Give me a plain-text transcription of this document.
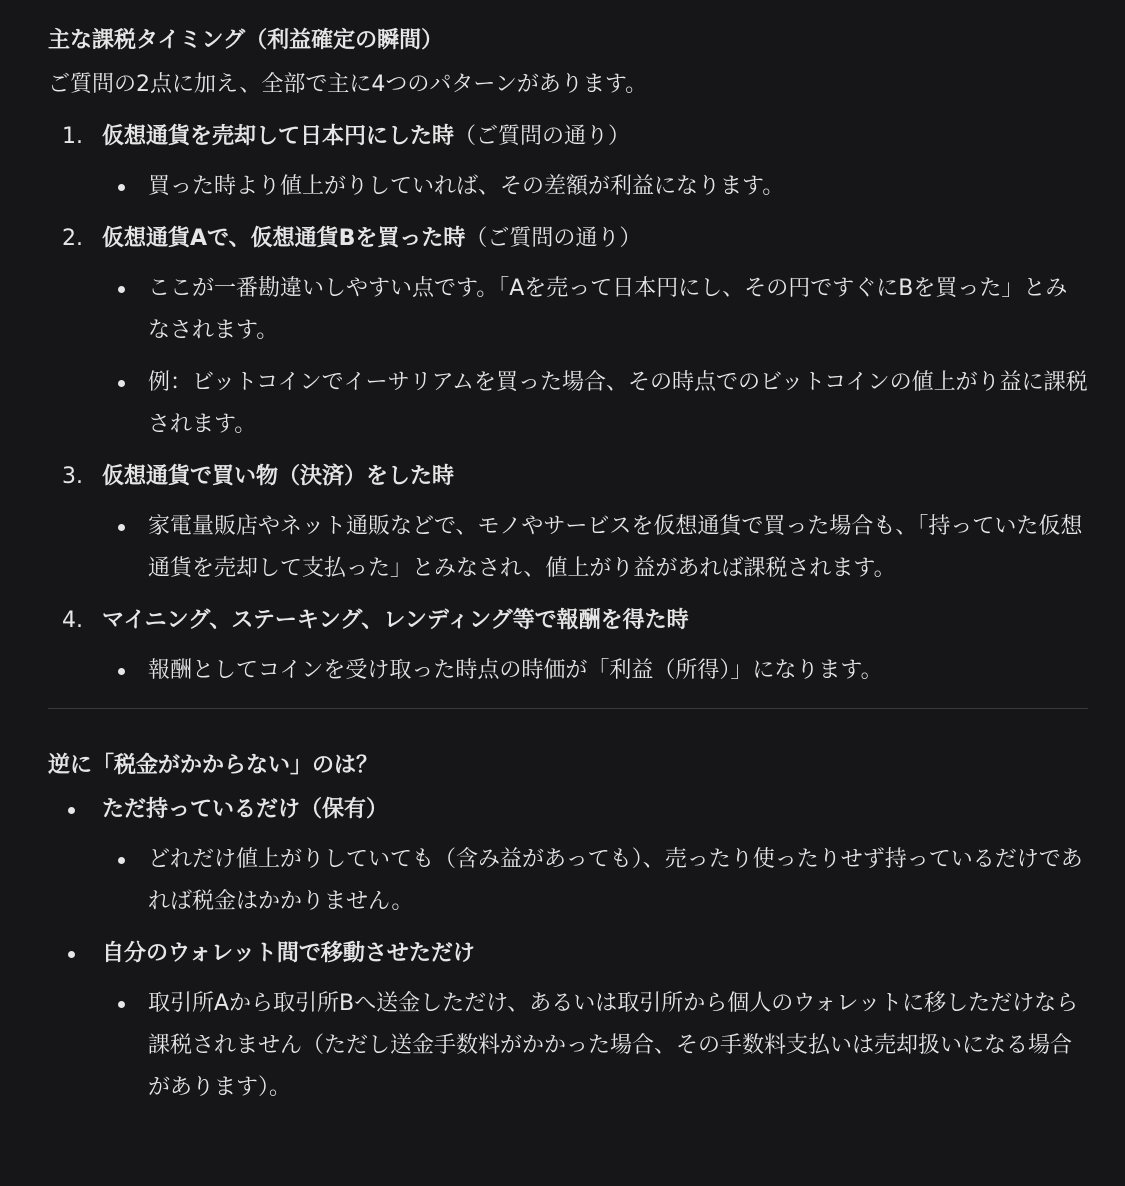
主な課税タイミング（利益確定の瞬間）

ご質問の2点に加え、全部で主に4つのパターンがあります。

1. 仮想通貨を売却して日本円にした時（ご質問の通り）
買った時より値上がりしていれば、その差額が利益になります。
2. 仮想通貨Aで、仮想通貨Bを買った時（ご質問の通り）
ここが一番勘違いしやすい点です。「Aを売って日本円にし、その円ですぐにBを買った」とみなされます。
例：ビットコインでイーサリアムを買った場合、その時点でのビットコインの値上がり益に課税されます。
3. 仮想通貨で買い物（決済）をした時
家電量販店やネット通販などで、モノやサービスを仮想通貨で買った場合も、「持っていた仮想通貨を売却して支払った」とみなされ、値上がり益があれば課税されます。
4. マイニング、ステーキング、レンディング等で報酬を得た時
報酬としてコインを受け取った時点の時価が「利益（所得）」になります。
逆に「税金がかからない」のは？
ただ持っているだけ（保有）
どれだけ値上がりしていても（含み益があっても）、売ったり使ったりせず持っているだけであれば税金はかかりません。
自分のウォレット間で移動させただけ
取引所Aから取引所Bへ送金しただけ、あるいは取引所から個人のウォレットに移しただけなら課税されません（ただし送金手数料がかかった場合、その手数料支払いは売却扱いになる場合があります）。
